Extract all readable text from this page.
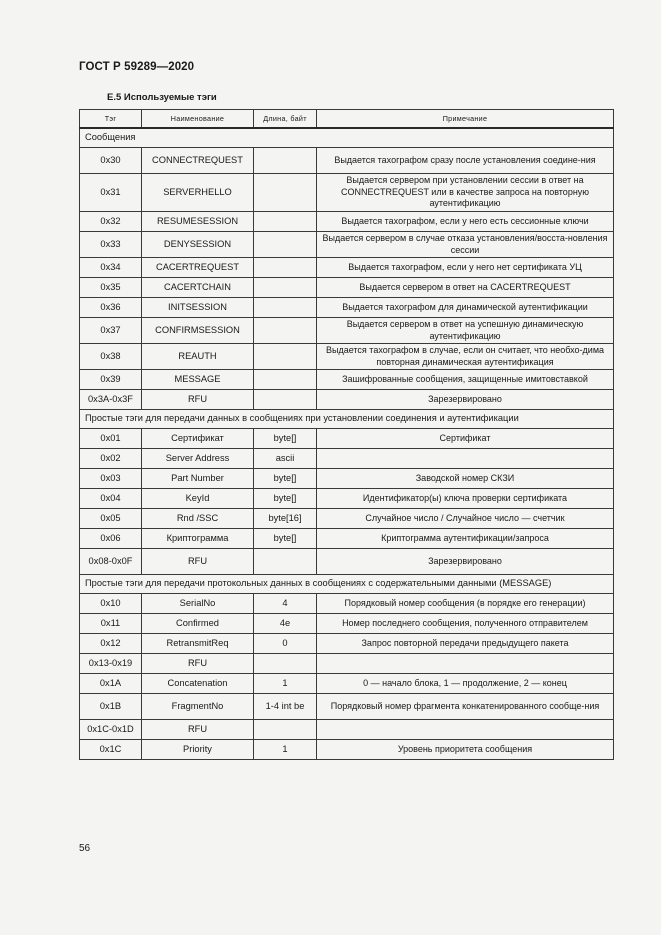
ГОСТ Р 59289—2020
Е.5 Используемые тэги
Тэг	Наименование	Длина, байт	Примечание
Сообщения			
0x30	CONNECTREQUEST		Выдается тахографом сразу после установления соедине-ния
0x31	SERVERHELLO		Выдается сервером при установлении сессии в ответ на CONNECTREQUEST или в качестве запроса на повторную аутентификацию
0x32	RESUMESESSION		Выдается тахографом, если у него есть сессионные ключи
0x33	DENYSESSION		Выдается сервером в случае отказа установления/восста-новления сессии
0x34	CACERTREQUEST		Выдается тахографом, если у него нет сертификата УЦ
0x35	CACERTCHAIN		Выдается сервером в ответ на CACERTREQUEST
0x36	INITSESSION		Выдается тахографом для динамической аутентификации
0x37	CONFIRMSESSION		Выдается сервером в ответ на успешную динамическую аутентификацию
0x38	REAUTH		Выдается тахографом в случае, если он считает, что необхо-дима повторная динамическая аутентификация
0x39	MESSAGE		Зашифрованные сообщения, защищенные имитовставкой
0x3A-0x3F	RFU		Зарезервировано
Простые тэги для передачи данных в сообщениях при установлении соединения и аутентификации			
0x01	Сертификат	byte[]	Сертификат
0x02	Server Address	ascii	
0x03	Part Number	byte[]	Заводской номер СКЗИ
0x04	KeyId	byte[]	Идентификатор(ы) ключа проверки сертификата
0x05	Rnd /SSC	byte[16]	Случайное число / Случайное число — счетчик
0x06	Криптограмма	byte[]	Криптограмма аутентификации/запроса
0x08-0x0F	RFU		Зарезервировано
Простые тэги для передачи протокольных данных в сообщениях с содержательными данными (MESSAGE)			
0x10	SerialNo	4	Порядковый номер сообщения (в порядке его генерации)
0x11	Confirmed	4e	Номер последнего сообщения, полученного отправителем
0x12	RetransmitReq	0	Запрос повторной передачи предыдущего пакета
0x13-0x19	RFU		
0x1A	Concatenation	1	0 — начало блока, 1 — продолжение, 2 — конец
0x1B	FragmentNo	1-4 int be	Порядковый номер фрагмента конкатенированного сообще-ния
0x1C-0x1D	RFU		
0x1C	Priority	1	Уровень приоритета сообщения
56
